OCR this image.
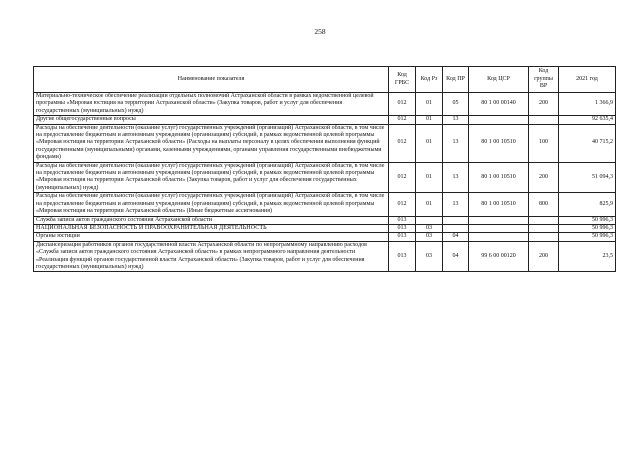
258
Наименование показателя	Код ГРБС	Код Рз	Код ПР	Код ЦСР	Код группы ВР	2021 год
Материально-техническое обеспечение реализации отдельных полномочий Астраханской области в рамках ведомственной целевой программы «Мировая юстиция на территории Астраханской области» (Закупка товаров, работ и услуг для обеспечения государственных (муниципальных) нужд)	012	01	05	80 1 00 00140	200	1 366,9
Другие общегосударственные вопросы	012	01	13			92 635,4
Расходы на обеспечение деятельности (оказание услуг) государственных учреждений (организаций) Астраханской области, в том числе на предоставление бюджетным и автономным учреждениям (организациям) субсидий, в рамках ведомственной целевой программы «Мировая юстиция на территории Астраханской области» (Расходы на выплаты персоналу в целях обеспечения выполнения функций государственными (муниципальными) органами, казенными учреждениями, органами управления государственными внебюджетными фондами)	012	01	13	80 1 00 10510	100	40 715,2
Расходы на обеспечение деятельности (оказание услуг) государственных учреждений (организаций) Астраханской области, в том числе на предоставление бюджетным и автономным учреждениям (организациям) субсидий, в рамках ведомственной целевой программы «Мировая юстиция на территории Астраханской области» (Закупка товаров, работ и услуг для обеспечения государственных (муниципальных) нужд)	012	01	13	80 1 00 10510	200	51 094,3
Расходы на обеспечение деятельности (оказание услуг) государственных учреждений (организаций) Астраханской области, в том числе на предоставление бюджетным и автономным учреждениям (организациям) субсидий, в рамках ведомственной целевой программы «Мировая юстиция на территории Астраханской области» (Иные бюджетные ассигнования)	012	01	13	80 1 00 10510	800	825,9
Служба записи актов гражданского состояния Астраханской области	013					50 996,3
НАЦИОНАЛЬНАЯ БЕЗОПАСНОСТЬ И ПРАВООХРАНИТЕЛЬНАЯ ДЕЯТЕЛЬНОСТЬ	013	03				50 996,3
Органы юстиции	013	03	04			50 996,3
Диспансеризация работников органов государственной власти Астраханской области по непрограммному направлению расходов «Служба записи актов гражданского состояния Астраханской области» в рамках непрограммного направления деятельности «Реализация функций органов государственной власти Астраханской области» (Закупка товаров, работ и услуг для обеспечения государственных (муниципальных) нужд)	013	03	04	99 6 00 00120	200	23,5
